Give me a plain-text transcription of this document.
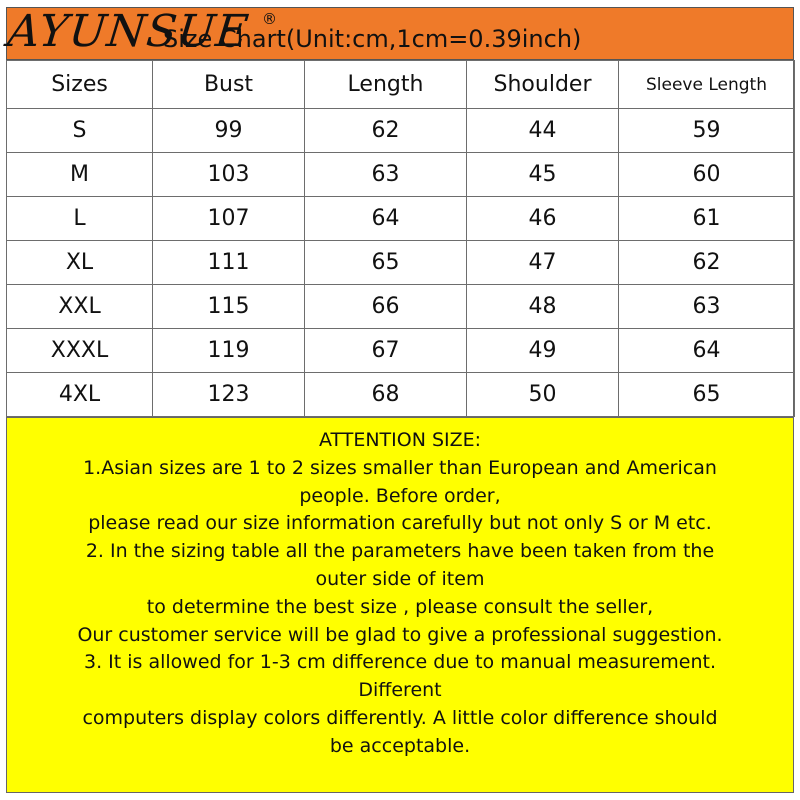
Size Chart(Unit:cm,1cm=0.39inch)
AYUNSUE ®
Sizes	Bust	Length	Shoulder	Sleeve Length
S	99	62	44	59
M	103	63	45	60
L	107	64	46	61
XL	111	65	47	62
XXL	115	66	48	63
XXXL	119	67	49	64
4XL	123	68	50	65
ATTENTION SIZE:
1.Asian sizes are 1 to 2 sizes smaller than European and American
people. Before order,
please read our size information carefully but not only S or M etc.
2. In the sizing table all the parameters have been taken from the
outer side of item
to determine the best size , please consult the seller,
Our customer service will be glad to give a professional suggestion.
3. It is allowed for 1-3 cm difference due to manual measurement.
Different
computers display colors differently. A little color difference should
be acceptable.
